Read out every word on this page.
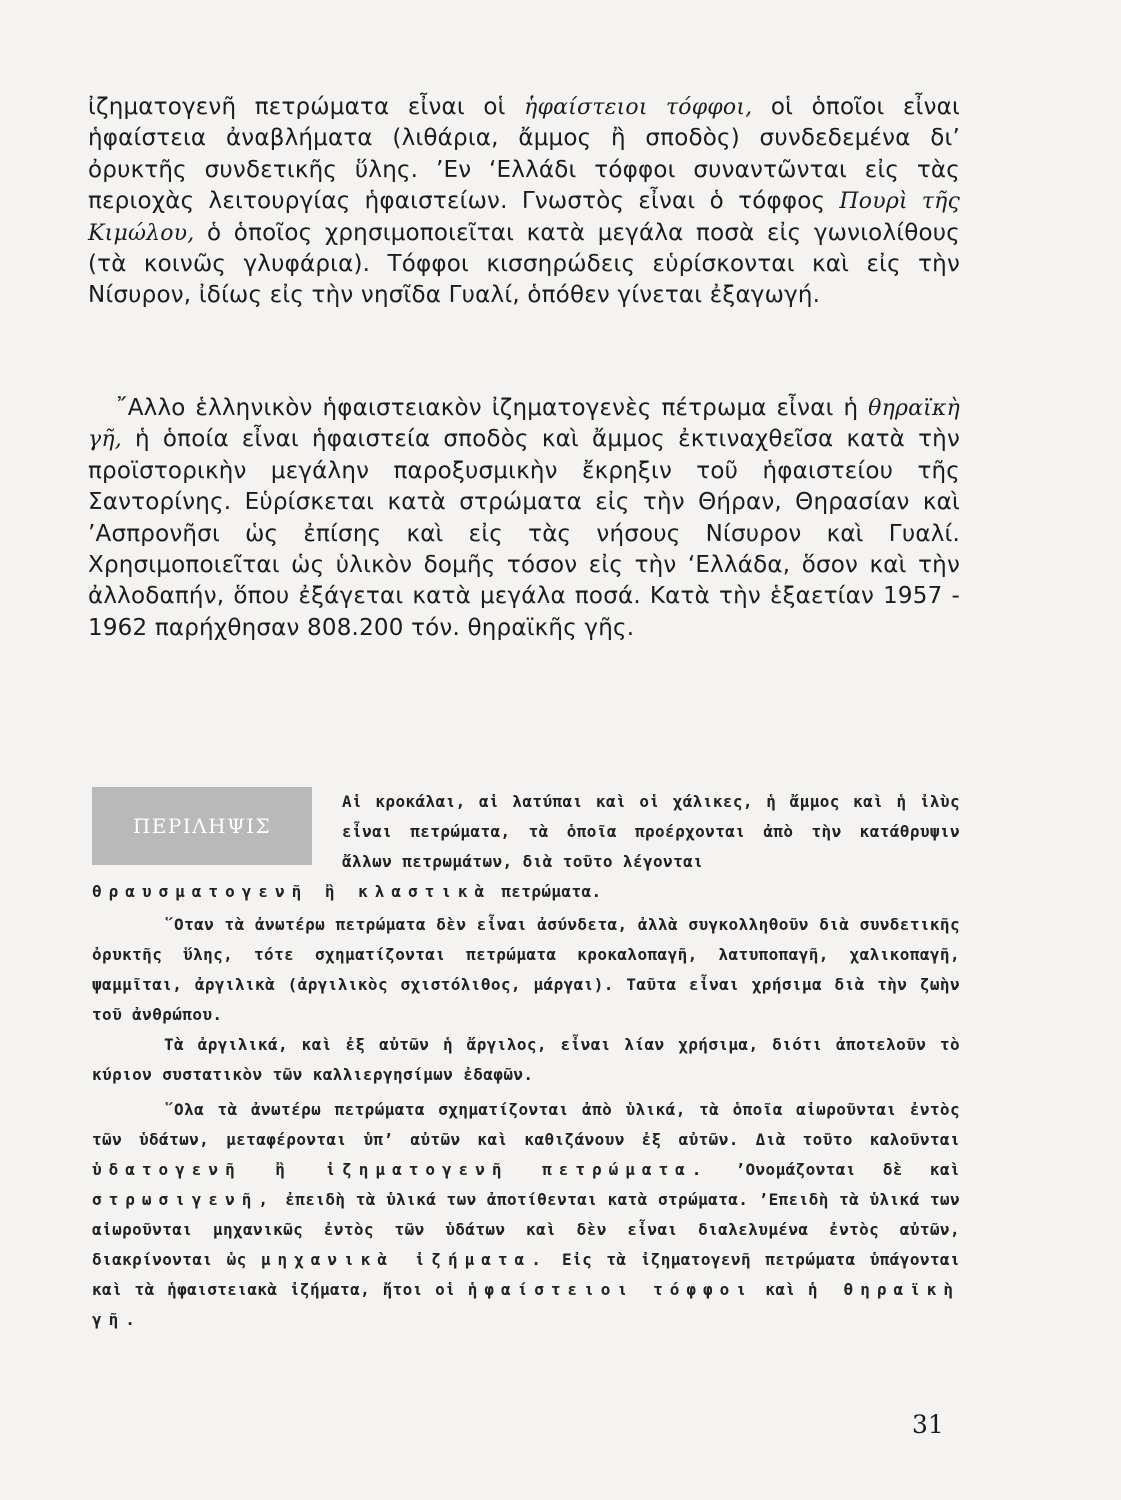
ἰζηματογενῆ πετρώματα εἶναι οἱ ἡφαίστειοι τόφφοι, οἱ ὁποῖοι εἶναι ἡφαίστεια ἀναβλήματα (λιθάρια, ἄμμος ἢ σποδὸς) συνδεδεμένα δι’ ὀρυκτῆς συνδετικῆς ὕλης. ’Εν ‘Ελλάδι τόφφοι συναντῶνται εἰς τὰς περιοχὰς λειτουργίας ἡφαιστείων. Γνωστὸς εἶναι ὁ τόφφος Πουρὶ τῆς Κιμώλου, ὁ ὁποῖος χρησιμοποιεῖται κατὰ μεγάλα ποσὰ εἰς γωνιολίθους (τὰ κοινῶς γλυφάρια). Τόφφοι κισσηρώδεις εὑρίσκονται καὶ εἰς τὴν Νίσυρον, ἰδίως εἰς τὴν νησῖδα Γυαλί, ὁπόθεν γίνεται ἐξαγωγή.

῎Αλλο ἑλληνικὸν ἡφαιστειακὸν ἰζηματογενὲς πέτρωμα εἶναι ἡ θηραϊκὴ γῆ, ἡ ὁποία εἶναι ἡφαιστεία σποδὸς καὶ ἄμμος ἐκτιναχθεῖσα κατὰ τὴν προϊστορικὴν μεγάλην παροξυσμικὴν ἔκρηξιν τοῦ ἡφαιστείου τῆς Σαντορίνης. Εὑρίσκεται κατὰ στρώματα εἰς τὴν Θήραν, Θηρασίαν καὶ ’Ασπρονῆσι ὡς ἐπίσης καὶ εἰς τὰς νήσους Νίσυρον καὶ Γυαλί. Χρησιμοποιεῖται ὡς ὑλικὸν δομῆς τόσον εἰς τὴν ‘Ελλάδα, ὅσον καὶ τὴν ἀλλοδαπήν, ὅπου ἐξάγεται κατὰ μεγάλα ποσά. Κατὰ τὴν ἑξαετίαν 1957 - 1962 παρήχθησαν 808.200 τόν. θηραϊκῆς γῆς.

ΠΕΡΙΛΗΨΙΣ
Αἱ κροκάλαι, αἱ λατύπαι καὶ οἱ χάλικες, ἡ ἄμμος καὶ ἡ ἰλὺς εἶναι πετρώματα, τὰ ὁποῖα προέρχονται ἀπὸ τὴν κατάθρυψιν ἄλλων πετρωμάτων, διὰ τοῦτο λέγονται
θραυσματογενῆ ἢ κλαστικὰ πετρώματα.
῞Οταν τὰ ἀνωτέρω πετρώματα δὲν εἶναι ἀσύνδετα, ἀλλὰ συγκολληθοῦν διὰ συνδετικῆς ὀρυκτῆς ὕλης, τότε σχηματίζονται πετρώματα κροκαλοπαγῆ, λατυποπαγῆ, χαλικοπαγῆ, ψαμμῖται, ἀργιλικὰ (ἀργιλικὸς σχιστόλιθος, μάργαι). Ταῦτα εἶναι χρήσιμα διὰ τὴν ζωὴν τοῦ ἀνθρώπου.
Τὰ ἀργιλικά, καὶ ἐξ αὐτῶν ἡ ἄργιλος, εἶναι λίαν χρήσιμα, διότι ἀποτελοῦν τὸ κύριον συστατικὸν τῶν καλλιεργησίμων ἐδαφῶν.
῞Ολα τὰ ἀνωτέρω πετρώματα σχηματίζονται ἀπὸ ὑλικά, τὰ ὁποῖα αἰωροῦνται ἐντὸς τῶν ὑδάτων, μεταφέρονται ὑπ’ αὐτῶν καὶ καθιζάνουν ἐξ αὐτῶν. Διὰ τοῦτο καλοῦνται ὑδατογενῆ ἢ ἰζηματογενῆ πετρώματα. ’Ονομάζονται δὲ καὶ στρωσιγενῆ, ἐπειδὴ τὰ ὑλικά των ἀποτίθενται κατὰ στρώματα. ’Επειδὴ τὰ ὑλικά των αἰωροῦνται μηχανικῶς ἐντὸς τῶν ὑδάτων καὶ δὲν εἶναι διαλελυμένα ἐντὸς αὐτῶν, διακρίνονται ὡς μηχανικὰ ἰζήματα. Εἰς τὰ ἰζηματογενῆ πετρώματα ὑπάγονται καὶ τὰ ἡφαιστειακὰ ἰζήματα, ἤτοι οἱ ἡφαίστειοι τόφφοι καὶ ἡ θηραϊκὴ γῆ.
31
